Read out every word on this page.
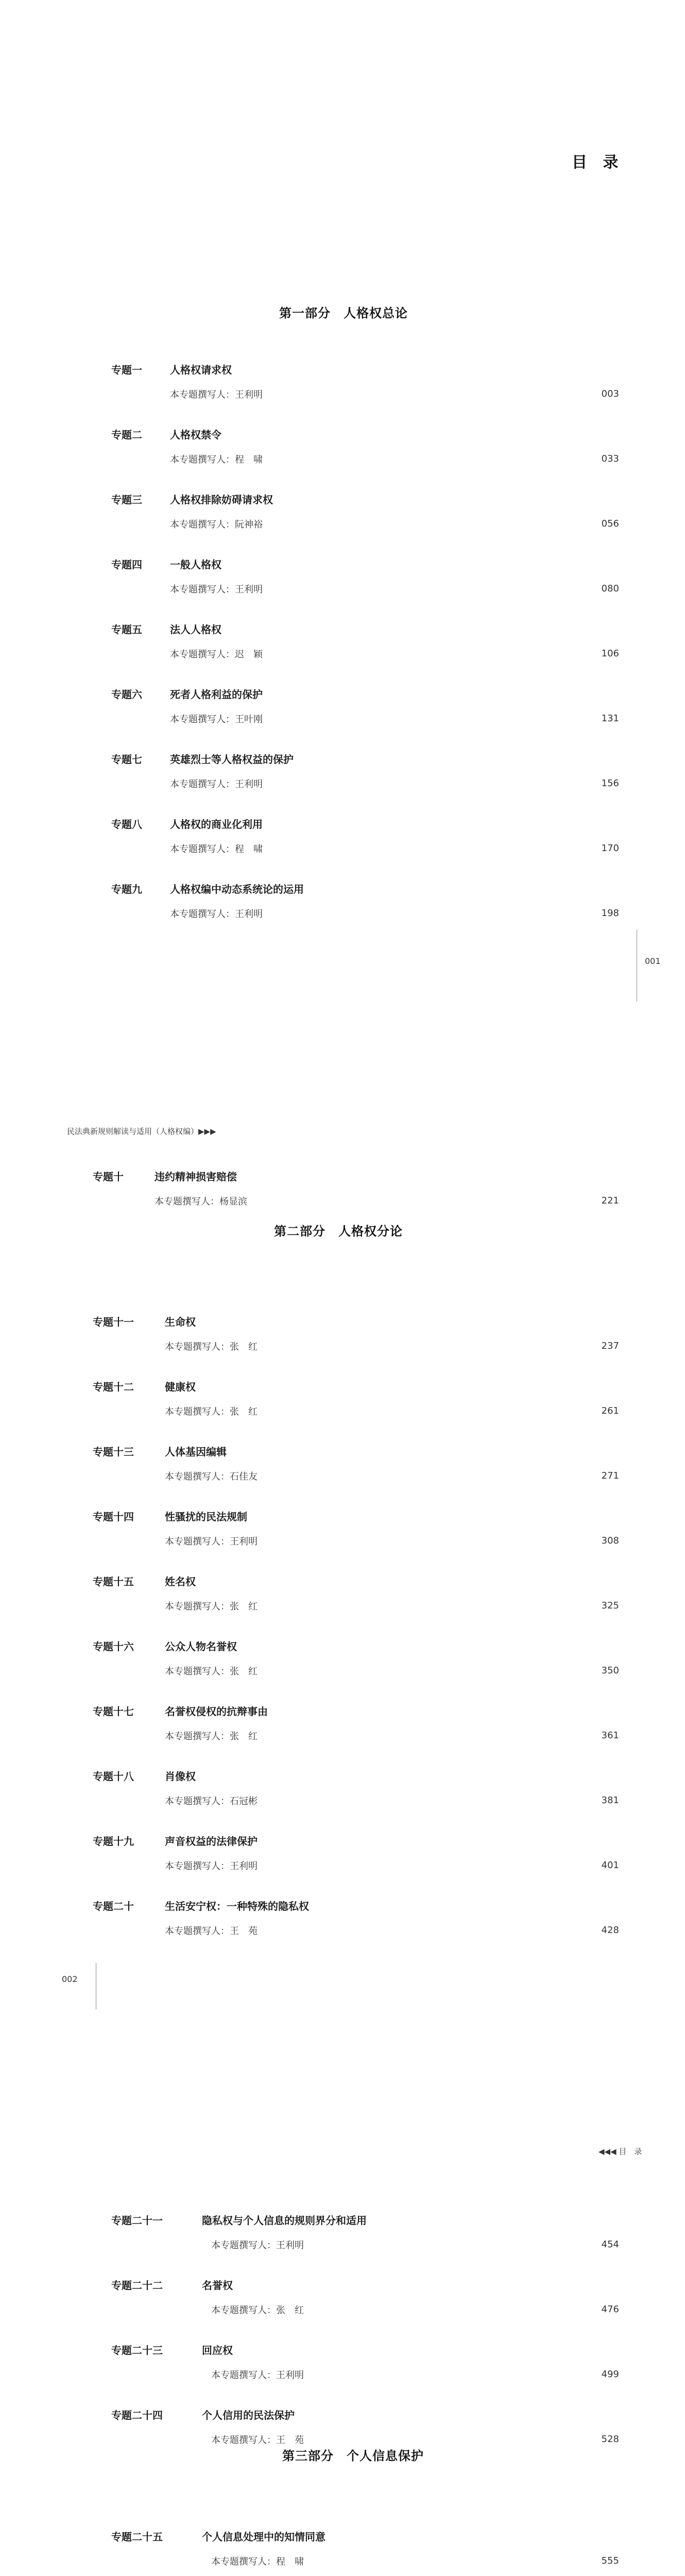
目 录
第一部分　人格权总论
专题一	人格权请求权
本专题撰写人：王利明	003
专题二	人格权禁令
本专题撰写人：程　啸	033
专题三	人格权排除妨碍请求权
本专题撰写人：阮神裕	056
专题四	一般人格权
本专题撰写人：王利明	080
专题五	法人人格权
本专题撰写人：迟　颖	106
专题六	死者人格利益的保护
本专题撰写人：王叶刚	131
专题七	英雄烈士等人格权益的保护
本专题撰写人：王利明	156
专题八	人格权的商业化利用
本专题撰写人：程　啸	170
专题九	人格权编中动态系统论的运用
本专题撰写人：王利明	198
001
民法典新规则解读与适用（人格权编）▶▶▶
专题十	违约精神损害赔偿
本专题撰写人：杨显滨	221
第二部分　人格权分论
专题十一	生命权
本专题撰写人：张　红	237
专题十二	健康权
本专题撰写人：张　红	261
专题十三	人体基因编辑
本专题撰写人：石佳友	271
专题十四	性骚扰的民法规制
本专题撰写人：王利明	308
专题十五	姓名权
本专题撰写人：张　红	325
专题十六	公众人物名誉权
本专题撰写人：张　红	350
专题十七	名誉权侵权的抗辩事由
本专题撰写人：张　红	361
专题十八	肖像权
本专题撰写人：石冠彬	381
专题十九	声音权益的法律保护
本专题撰写人：王利明	401
专题二十	生活安宁权：一种特殊的隐私权
本专题撰写人：王　苑	428
002
◀◀◀ 目　录
专题二十一	隐私权与个人信息的规则界分和适用
本专题撰写人：王利明	454
专题二十二	名誉权
本专题撰写人：张　红	476
专题二十三	回应权
本专题撰写人：王利明	499
专题二十四	个人信用的民法保护
本专题撰写人：王　苑	528
第三部分　个人信息保护
专题二十五	个人信息处理中的知情同意
本专题撰写人：程　啸	555
